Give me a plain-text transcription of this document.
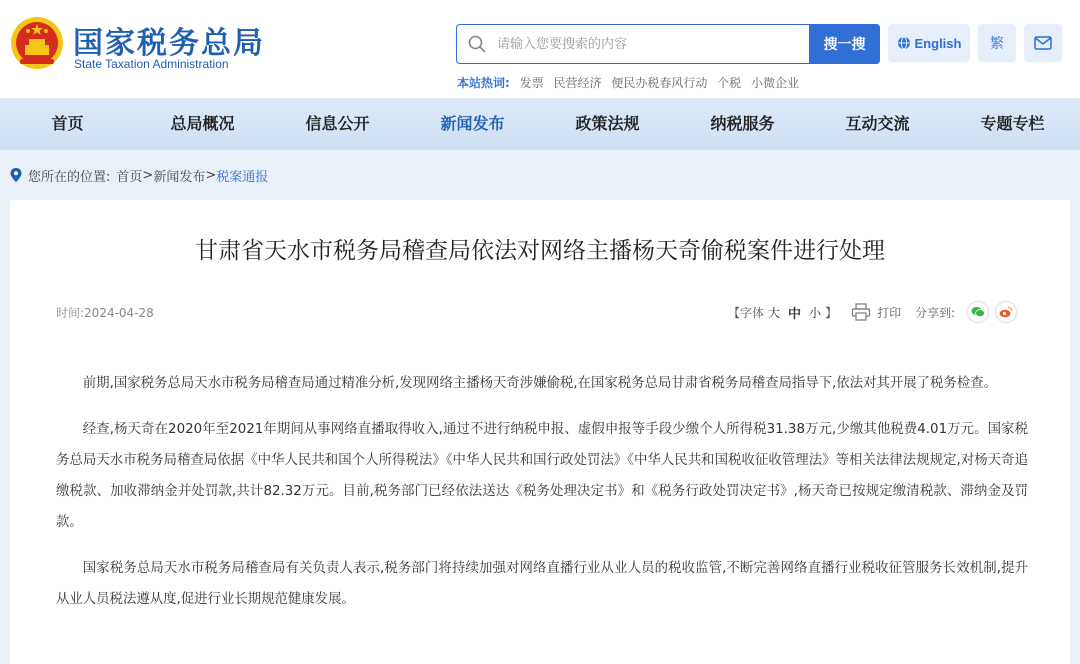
国家税务总局
State Taxation Administration
请输入您要搜索的内容
搜一搜
本站热词: 发票 民营经济 便民办税春风行动 个税 小微企业
English	繁
首页	总局概况	信息公开	新闻发布	政策法规	纳税服务	互动交流	专题专栏
您所在的位置: 首页 > 新闻发布 > 税案通报
甘肃省天水市税务局稽查局依法对网络主播杨天奇偷税案件进行处理
时间:2024-04-28	【字体 大 中 小 】	打印 分享到:

前期,国家税务总局天水市税务局稽查局通过精准分析,发现网络主播杨天奇涉嫌偷税,在国家税务总局甘肃省税务局稽查局指导下,依法对其开展了税务检查。

经查,杨天奇在2020年至2021年期间从事网络直播取得收入,通过不进行纳税申报、虚假申报等手段少缴个人所得税31.38万元,少缴其他税费4.01万元。国家税务总局天水市税务局稽查局依据《中华人民共和国个人所得税法》《中华人民共和国行政处罚法》《中华人民共和国税收征收管理法》等相关法律法规规定,对杨天奇追缴税款、加收滞纳金并处罚款,共计82.32万元。目前,税务部门已经依法送达《税务处理决定书》和《税务行政处罚决定书》,杨天奇已按规定缴清税款、滞纳金及罚款。

国家税务总局天水市税务局稽查局有关负责人表示,税务部门将持续加强对网络直播行业从业人员的税收监管,不断完善网络直播行业税收征管服务长效机制,提升从业人员税法遵从度,促进行业长期规范健康发展。
